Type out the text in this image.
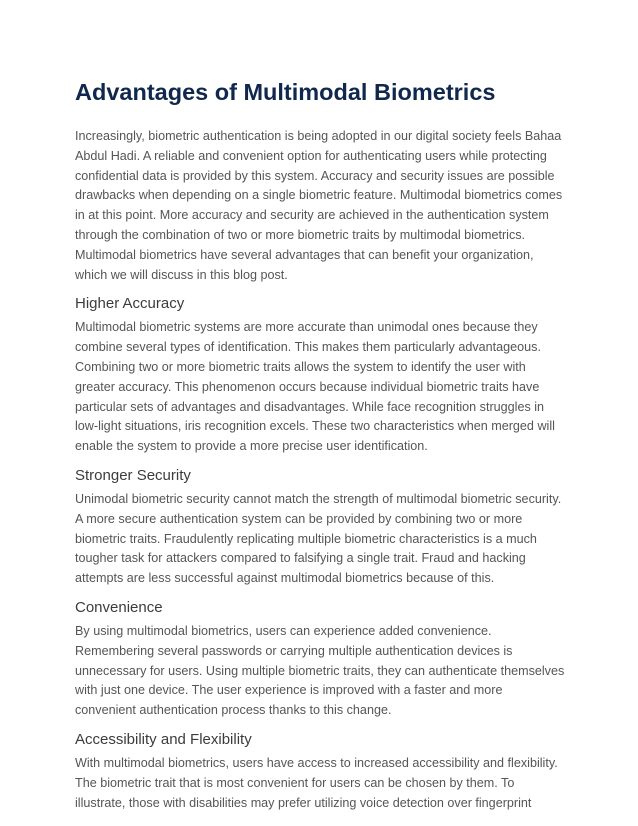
Advantages of Multimodal Biometrics

Increasingly, biometric authentication is being adopted in our digital society feels Bahaa
Abdul Hadi. A reliable and convenient option for authenticating users while protecting
confidential data is provided by this system. Accuracy and security issues are possible
drawbacks when depending on a single biometric feature. Multimodal biometrics comes
in at this point. More accuracy and security are achieved in the authentication system
through the combination of two or more biometric traits by multimodal biometrics.
Multimodal biometrics have several advantages that can benefit your organization,
which we will discuss in this blog post.

Higher Accuracy

Multimodal biometric systems are more accurate than unimodal ones because they
combine several types of identification. This makes them particularly advantageous.
Combining two or more biometric traits allows the system to identify the user with
greater accuracy. This phenomenon occurs because individual biometric traits have
particular sets of advantages and disadvantages. While face recognition struggles in
low-light situations, iris recognition excels. These two characteristics when merged will
enable the system to provide a more precise user identification.

Stronger Security

Unimodal biometric security cannot match the strength of multimodal biometric security.
A more secure authentication system can be provided by combining two or more
biometric traits. Fraudulently replicating multiple biometric characteristics is a much
tougher task for attackers compared to falsifying a single trait. Fraud and hacking
attempts are less successful against multimodal biometrics because of this.

Convenience

By using multimodal biometrics, users can experience added convenience.
Remembering several passwords or carrying multiple authentication devices is
unnecessary for users. Using multiple biometric traits, they can authenticate themselves
with just one device. The user experience is improved with a faster and more
convenient authentication process thanks to this change.

Accessibility and Flexibility

With multimodal biometrics, users have access to increased accessibility and flexibility.
The biometric trait that is most convenient for users can be chosen by them. To
illustrate, those with disabilities may prefer utilizing voice detection over fingerprint
